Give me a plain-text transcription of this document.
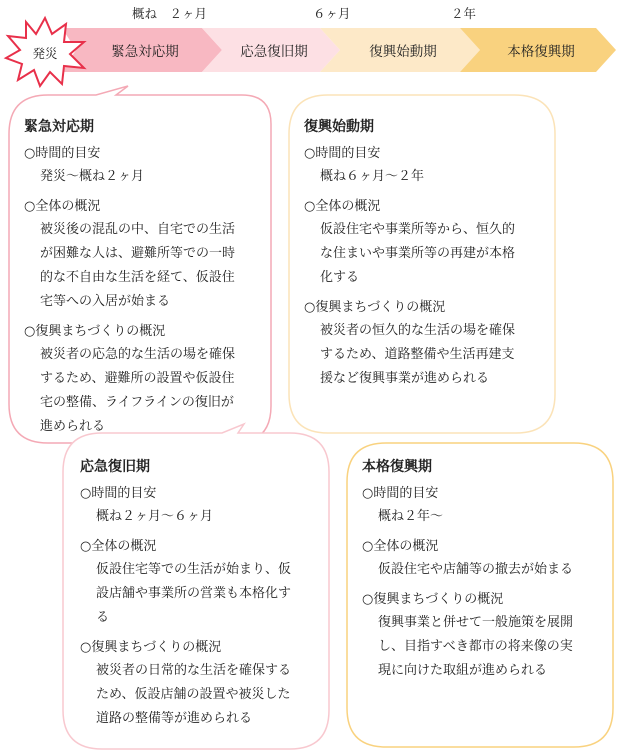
概ね　２ヶ月	６ヶ月	２年
緊急対応期	応急復旧期	復興始動期	本格復興期
発災
緊急対応期
○時間的目安
発災～概ね２ヶ月
○全体の概況
被災後の混乱の中、自宅での生活
が困難な人は、避難所等での一時
的な不自由な生活を経て、仮設住
宅等への入居が始まる
○復興まちづくりの概況
被災者の応急的な生活の場を確保
するため、避難所の設置や仮設住
宅の整備、ライフラインの復旧が
進められる
復興始動期
○時間的目安
概ね６ヶ月～２年
○全体の概況
仮設住宅や事業所等から、恒久的
な住まいや事業所等の再建が本格
化する
○復興まちづくりの概況
被災者の恒久的な生活の場を確保
するため、道路整備や生活再建支
援など復興事業が進められる
応急復旧期
○時間的目安
概ね２ヶ月～６ヶ月
○全体の概況
仮設住宅等での生活が始まり、仮
設店舗や事業所の営業も本格化す
る
○復興まちづくりの概況
被災者の日常的な生活を確保する
ため、仮設店舗の設置や被災した
道路の整備等が進められる
本格復興期
○時間的目安
概ね２年～
○全体の概況
仮設住宅や店舗等の撤去が始まる
○復興まちづくりの概況
復興事業と併せて一般施策を展開
し、目指すべき都市の将来像の実
現に向けた取組が進められる
